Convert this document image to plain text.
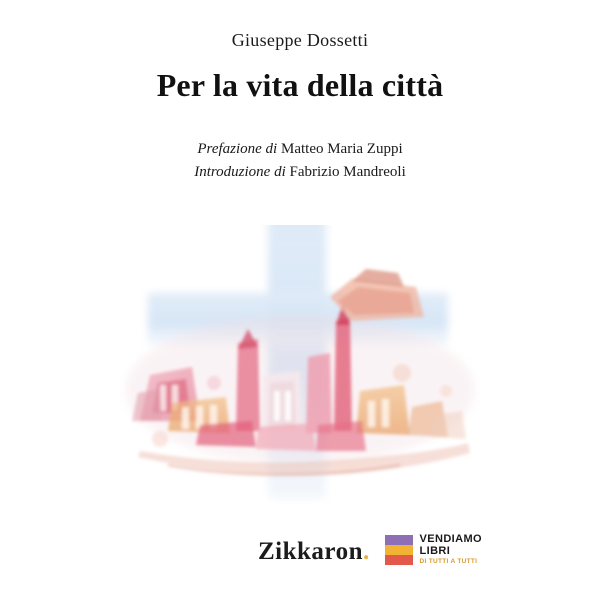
Giuseppe Dossetti
Per la vita della città
Prefazione di Matteo Maria Zuppi
Introduzione di Fabrizio Mandreoli
Zikkaron.	VENDIAMO
LIBRI
DI TUTTI A TUTTI
